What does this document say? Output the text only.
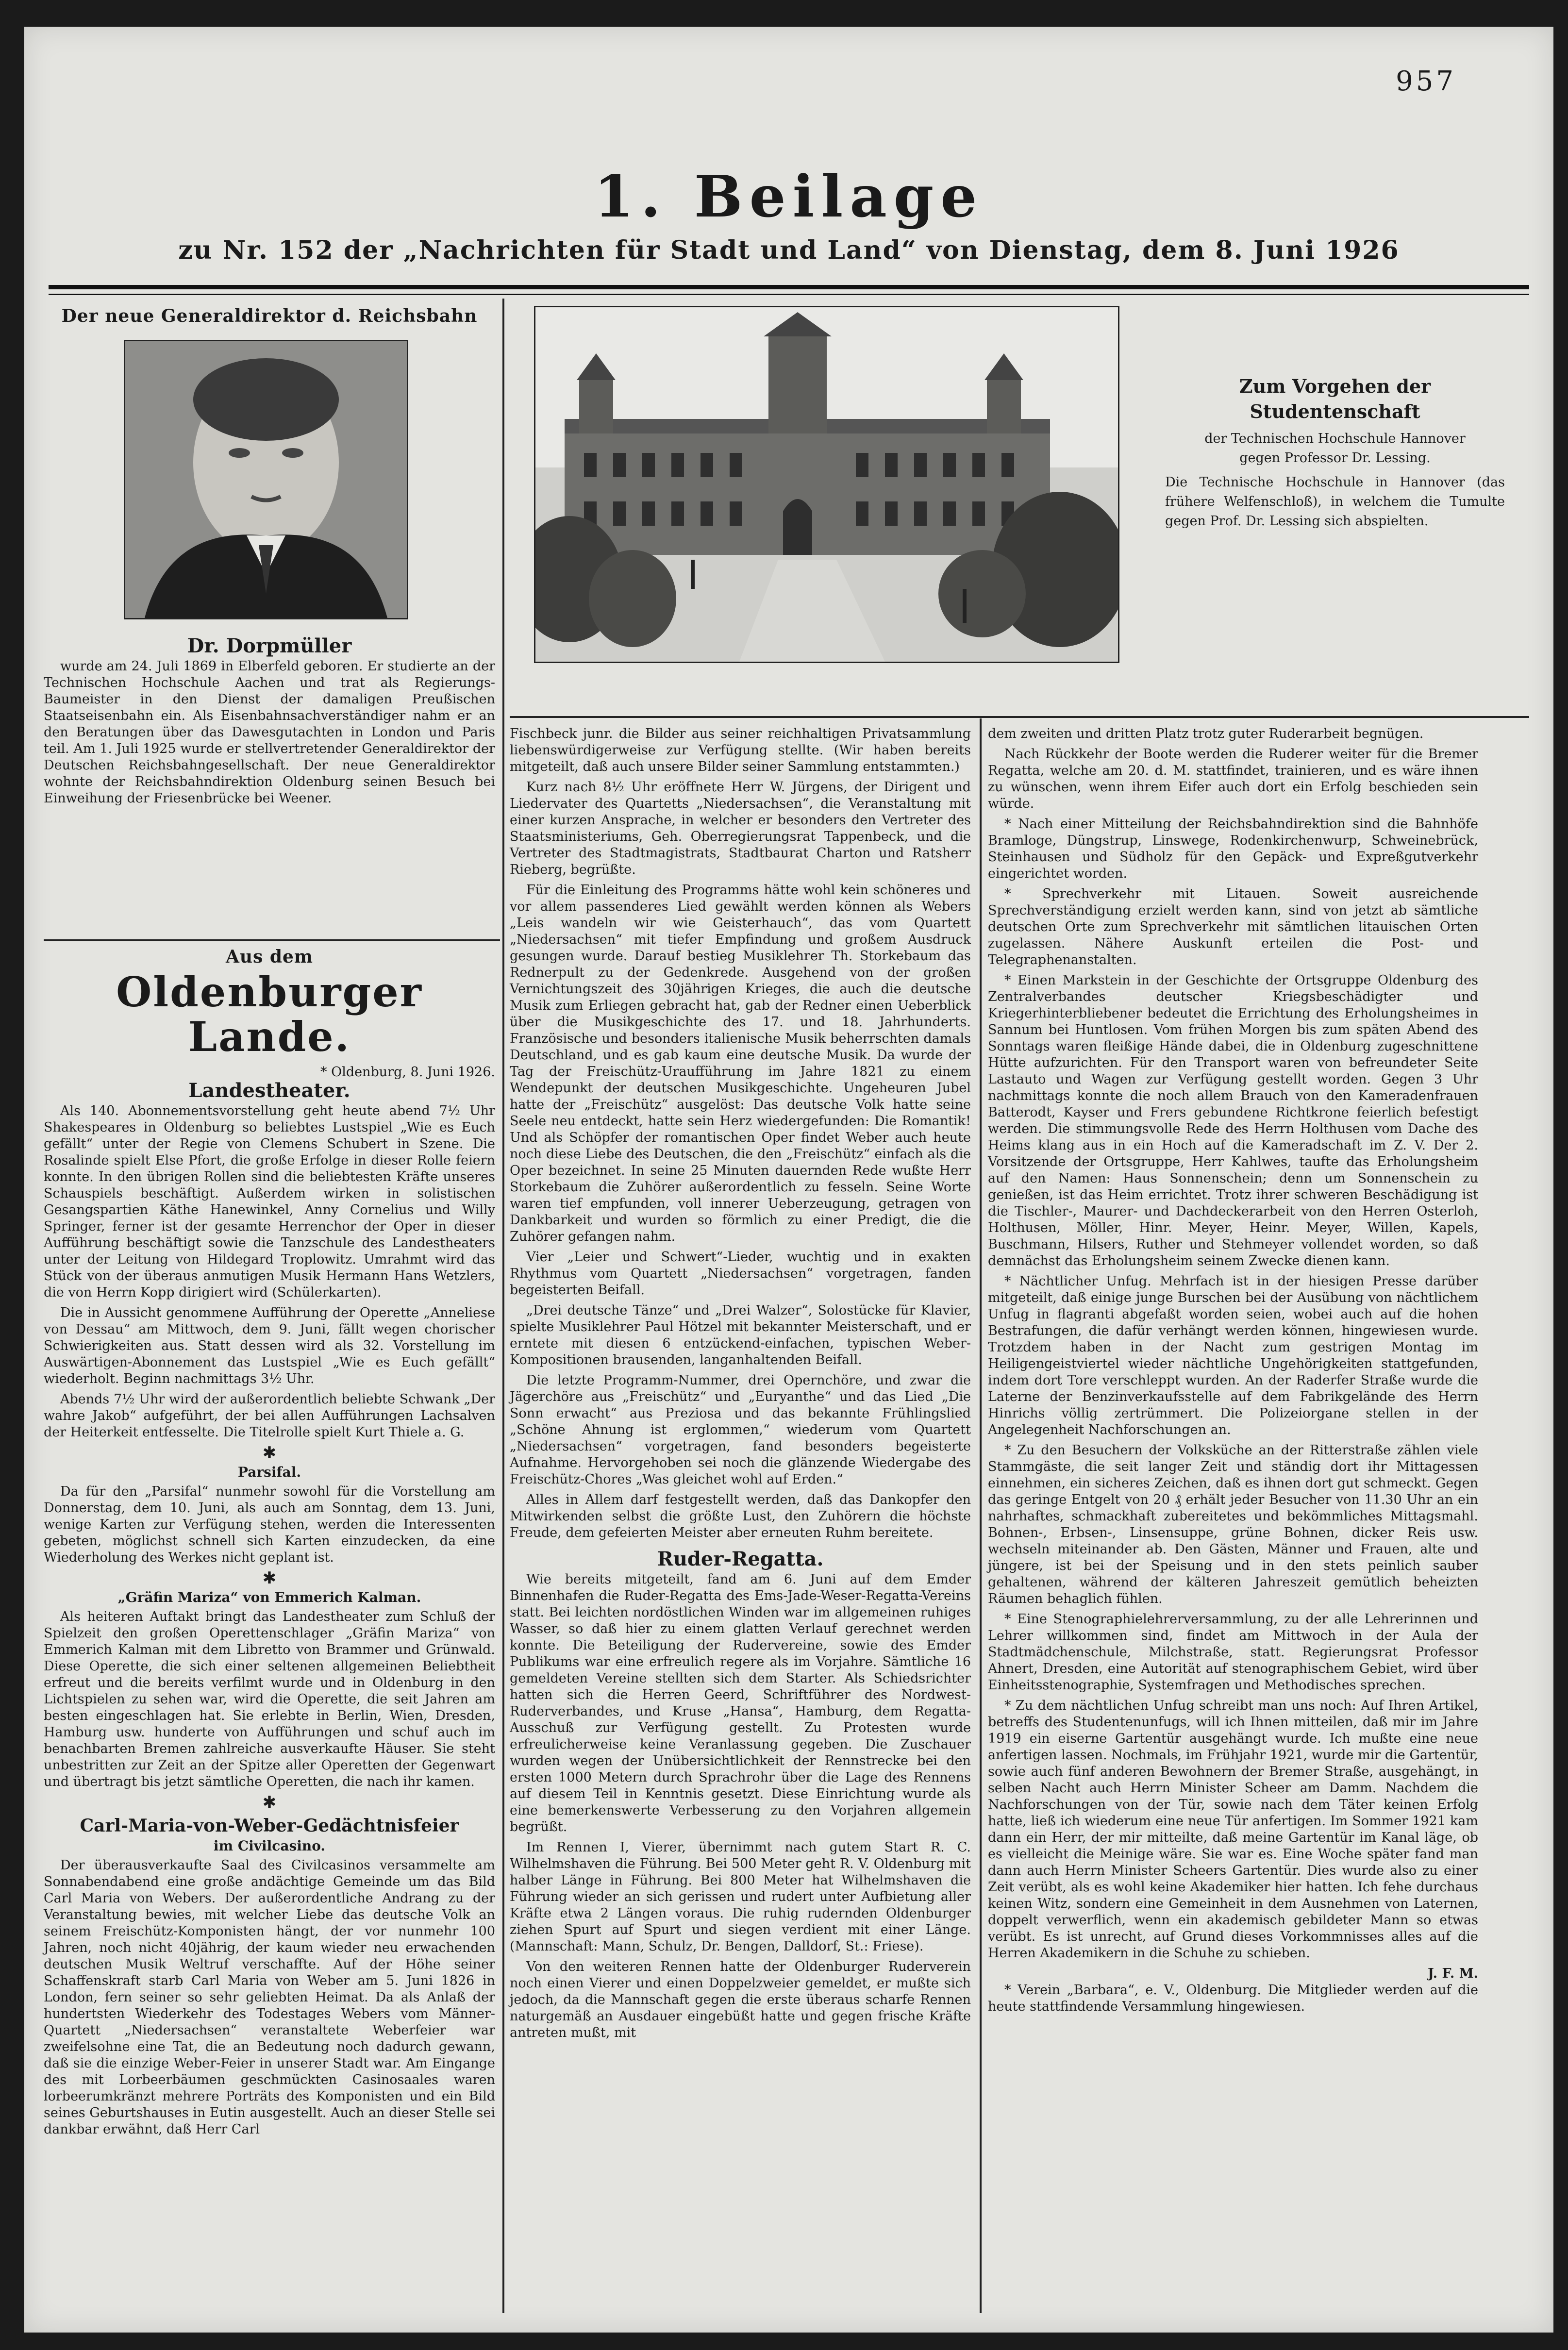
957
1. Beilage
zu Nr. 152 der „Nachrichten für Stadt und Land“ von Dienstag, dem 8. Juni 1926
Der neue Generaldirektor d. Reichsbahn
Dr. Dorpmüller

wurde am 24. Juli 1869 in Elberfeld geboren. Er studierte an der Technischen Hochschule Aachen und trat als Regierungs-Baumeister in den Dienst der damaligen Preußischen Staatseisenbahn ein. Als Eisenbahnsachverständiger nahm er an den Beratungen über das Dawesgutachten in London und Paris teil. Am 1. Juli 1925 wurde er stellvertretender Generaldirektor der Deutschen Reichsbahngesellschaft. Der neue Generaldirektor wohnte der Reichsbahndirektion Oldenburg seinen Besuch bei Einweihung der Friesenbrücke bei Weener.

Aus dem
Oldenburger Lande.
* Oldenburg, 8. Juni 1926.
Landestheater.

Als 140. Abonnementsvorstellung geht heute abend 7½ Uhr Shakespeares in Oldenburg so beliebtes Lustspiel „Wie es Euch gefällt“ unter der Regie von Clemens Schubert in Szene. Die Rosalinde spielt Else Pfort, die große Erfolge in dieser Rolle feiern konnte. In den übrigen Rollen sind die beliebtesten Kräfte unseres Schauspiels beschäftigt. Außerdem wirken in solistischen Gesangspartien Käthe Hanewinkel, Anny Cornelius und Willy Springer, ferner ist der gesamte Herrenchor der Oper in dieser Aufführung beschäftigt sowie die Tanzschule des Landestheaters unter der Leitung von Hildegard Troplowitz. Umrahmt wird das Stück von der überaus anmutigen Musik Hermann Hans Wetzlers, die von Herrn Kopp dirigiert wird (Schülerkarten).

Die in Aussicht genommene Aufführung der Operette „Anneliese von Dessau“ am Mittwoch, dem 9. Juni, fällt wegen chorischer Schwierigkeiten aus. Statt dessen wird als 32. Vorstellung im Auswärtigen-Abonnement das Lustspiel „Wie es Euch gefällt“ wiederholt. Beginn nachmittags 3½ Uhr.

Abends 7½ Uhr wird der außerordentlich beliebte Schwank „Der wahre Jakob“ aufgeführt, der bei allen Aufführungen Lachsalven der Heiterkeit entfesselte. Die Titelrolle spielt Kurt Thiele a. G.

✱
Parsifal.

Da für den „Parsifal“ nunmehr sowohl für die Vorstellung am Donnerstag, dem 10. Juni, als auch am Sonntag, dem 13. Juni, wenige Karten zur Verfügung stehen, werden die Interessenten gebeten, möglichst schnell sich Karten einzudecken, da eine Wiederholung des Werkes nicht geplant ist.

✱
„Gräfin Mariza“ von Emmerich Kalman.

Als heiteren Auftakt bringt das Landestheater zum Schluß der Spielzeit den großen Operettenschlager „Gräfin Mariza“ von Emmerich Kalman mit dem Libretto von Brammer und Grünwald. Diese Operette, die sich einer seltenen allgemeinen Beliebtheit erfreut und die bereits verfilmt wurde und in Oldenburg in den Lichtspielen zu sehen war, wird die Operette, die seit Jahren am besten eingeschlagen hat. Sie erlebte in Berlin, Wien, Dresden, Hamburg usw. hunderte von Aufführungen und schuf auch im benachbarten Bremen zahlreiche ausverkaufte Häuser. Sie steht unbestritten zur Zeit an der Spitze aller Operetten der Gegenwart und übertragt bis jetzt sämtliche Operetten, die nach ihr kamen.

✱
Carl-Maria-von-Weber-Gedächtnisfeier
im Civilcasino.

Der überausverkaufte Saal des Civilcasinos versammelte am Sonnabendabend eine große andächtige Gemeinde um das Bild Carl Maria von Webers. Der außerordentliche Andrang zu der Veranstaltung bewies, mit welcher Liebe das deutsche Volk an seinem Freischütz-Komponisten hängt, der vor nunmehr 100 Jahren, noch nicht 40jährig, der kaum wieder neu erwachenden deutschen Musik Weltruf verschaffte. Auf der Höhe seiner Schaffenskraft starb Carl Maria von Weber am 5. Juni 1826 in London, fern seiner so sehr geliebten Heimat. Da als Anlaß der hundertsten Wiederkehr des Todestages Webers vom Männer-Quartett „Niedersachsen“ veranstaltete Weberfeier war zweifelsohne eine Tat, die an Bedeutung noch dadurch gewann, daß sie die einzige Weber-Feier in unserer Stadt war. Am Eingange des mit Lorbeerbäumen geschmückten Casinosaales waren lorbeerumkränzt mehrere Porträts des Komponisten und ein Bild seines Geburtshauses in Eutin ausgestellt. Auch an dieser Stelle sei dankbar erwähnt, daß Herr Carl

Zum Vorgehen der
Studentenschaft
der Technischen Hochschule Hannover
gegen Professor Dr. Lessing.
Die Technische Hochschule in Hannover (das frühere Welfenschloß), in welchem die Tumulte gegen Prof. Dr. Lessing sich abspielten.

Fischbeck junr. die Bilder aus seiner reichhaltigen Privatsammlung liebenswürdigerweise zur Verfügung stellte. (Wir haben bereits mitgeteilt, daß auch unsere Bilder seiner Sammlung entstammten.)

Kurz nach 8½ Uhr eröffnete Herr W. Jürgens, der Dirigent und Liedervater des Quartetts „Niedersachsen“, die Veranstaltung mit einer kurzen Ansprache, in welcher er besonders den Vertreter des Staatsministeriums, Geh. Oberregierungsrat Tappenbeck, und die Vertreter des Stadtmagistrats, Stadtbaurat Charton und Ratsherr Rieberg, begrüßte.

Für die Einleitung des Programms hätte wohl kein schöneres und vor allem passenderes Lied gewählt werden können als Webers „Leis wandeln wir wie Geisterhauch“, das vom Quartett „Niedersachsen“ mit tiefer Empfindung und großem Ausdruck gesungen wurde. Darauf bestieg Musiklehrer Th. Storkebaum das Rednerpult zu der Gedenkrede. Ausgehend von der großen Vernichtungszeit des 30jährigen Krieges, die auch die deutsche Musik zum Erliegen gebracht hat, gab der Redner einen Ueberblick über die Musikgeschichte des 17. und 18. Jahrhunderts. Französische und besonders italienische Musik beherrschten damals Deutschland, und es gab kaum eine deutsche Musik. Da wurde der Tag der Freischütz-Uraufführung im Jahre 1821 zu einem Wendepunkt der deutschen Musikgeschichte. Ungeheuren Jubel hatte der „Freischütz“ ausgelöst: Das deutsche Volk hatte seine Seele neu entdeckt, hatte sein Herz wiedergefunden: Die Romantik! Und als Schöpfer der romantischen Oper findet Weber auch heute noch diese Liebe des Deutschen, die den „Freischütz“ einfach als die Oper bezeichnet. In seine 25 Minuten dauernden Rede wußte Herr Storkebaum die Zuhörer außerordentlich zu fesseln. Seine Worte waren tief empfunden, voll innerer Ueberzeugung, getragen von Dankbarkeit und wurden so förmlich zu einer Predigt, die die Zuhörer gefangen nahm.

Vier „Leier und Schwert“-Lieder, wuchtig und in exakten Rhythmus vom Quartett „Niedersachsen“ vorgetragen, fanden begeisterten Beifall.

„Drei deutsche Tänze“ und „Drei Walzer“, Solostücke für Klavier, spielte Musiklehrer Paul Hötzel mit bekannter Meisterschaft, und er erntete mit diesen 6 entzückend-einfachen, typischen Weber-Kompositionen brausenden, langanhaltenden Beifall.

Die letzte Programm-Nummer, drei Opernchöre, und zwar die Jägerchöre aus „Freischütz“ und „Euryanthe“ und das Lied „Die Sonn erwacht“ aus Preziosa und das bekannte Frühlingslied „Schöne Ahnung ist erglommen,“ wiederum vom Quartett „Niedersachsen“ vorgetragen, fand besonders begeisterte Aufnahme. Hervorgehoben sei noch die glänzende Wiedergabe des Freischütz-Chores „Was gleichet wohl auf Erden.“

Alles in Allem darf festgestellt werden, daß das Dankopfer den Mitwirkenden selbst die größte Lust, den Zuhörern die höchste Freude, dem gefeierten Meister aber erneuten Ruhm bereitete.

Ruder-Regatta.

Wie bereits mitgeteilt, fand am 6. Juni auf dem Emder Binnenhafen die Ruder-Regatta des Ems-Jade-Weser-Regatta-Vereins statt. Bei leichten nordöstlichen Winden war im allgemeinen ruhiges Wasser, so daß hier zu einem glatten Verlauf gerechnet werden konnte. Die Beteiligung der Rudervereine, sowie des Emder Publikums war eine erfreulich regere als im Vorjahre. Sämtliche 16 gemeldeten Vereine stellten sich dem Starter. Als Schiedsrichter hatten sich die Herren Geerd, Schriftführer des Nordwest-Ruderverbandes, und Kruse „Hansa“, Hamburg, dem Regatta-Ausschuß zur Verfügung gestellt. Zu Protesten wurde erfreulicherweise keine Veranlassung gegeben. Die Zuschauer wurden wegen der Unübersichtlichkeit der Rennstrecke bei den ersten 1000 Metern durch Sprachrohr über die Lage des Rennens auf diesem Teil in Kenntnis gesetzt. Diese Einrichtung wurde als eine bemerkenswerte Verbesserung zu den Vorjahren allgemein begrüßt.

Im Rennen I, Vierer, übernimmt nach gutem Start R. C. Wilhelmshaven die Führung. Bei 500 Meter geht R. V. Oldenburg mit halber Länge in Führung. Bei 800 Meter hat Wilhelmshaven die Führung wieder an sich gerissen und rudert unter Aufbietung aller Kräfte etwa 2 Längen voraus. Die ruhig rudernden Oldenburger ziehen Spurt auf Spurt und siegen verdient mit einer Länge. (Mannschaft: Mann, Schulz, Dr. Bengen, Dalldorf, St.: Friese).

Von den weiteren Rennen hatte der Oldenburger Ruderverein noch einen Vierer und einen Doppelzweier gemeldet, er mußte sich jedoch, da die Mannschaft gegen die erste überaus scharfe Rennen naturgemäß an Ausdauer eingebüßt hatte und gegen frische Kräfte antreten mußt, mit

dem zweiten und dritten Platz trotz guter Ruderarbeit begnügen.

Nach Rückkehr der Boote werden die Ruderer weiter für die Bremer Regatta, welche am 20. d. M. stattfindet, trainieren, und es wäre ihnen zu wünschen, wenn ihrem Eifer auch dort ein Erfolg beschieden sein würde.

* Nach einer Mitteilung der Reichsbahndirektion sind die Bahnhöfe Bramloge, Düngstrup, Linswege, Rodenkirchenwurp, Schweinebrück, Steinhausen und Südholz für den Gepäck- und Expreßgutverkehr eingerichtet worden.

* Sprechverkehr mit Litauen. Soweit ausreichende Sprechverständigung erzielt werden kann, sind von jetzt ab sämtliche deutschen Orte zum Sprechverkehr mit sämtlichen litauischen Orten zugelassen. Nähere Auskunft erteilen die Post- und Telegraphenanstalten.

* Einen Markstein in der Geschichte der Ortsgruppe Oldenburg des Zentralverbandes deutscher Kriegsbeschädigter und Kriegerhinterbliebener bedeutet die Errichtung des Erholungsheimes in Sannum bei Huntlosen. Vom frühen Morgen bis zum späten Abend des Sonntags waren fleißige Hände dabei, die in Oldenburg zugeschnittene Hütte aufzurichten. Für den Transport waren von befreundeter Seite Lastauto und Wagen zur Verfügung gestellt worden. Gegen 3 Uhr nachmittags konnte die noch allem Brauch von den Kameradenfrauen Batterodt, Kayser und Frers gebundene Richtkrone feierlich befestigt werden. Die stimmungsvolle Rede des Herrn Holthusen vom Dache des Heims klang aus in ein Hoch auf die Kameradschaft im Z. V. Der 2. Vorsitzende der Ortsgruppe, Herr Kahlwes, taufte das Erholungsheim auf den Namen: Haus Sonnenschein; denn um Sonnenschein zu genießen, ist das Heim errichtet. Trotz ihrer schweren Beschädigung ist die Tischler-, Maurer- und Dachdeckerarbeit von den Herren Osterloh, Holthusen, Möller, Hinr. Meyer, Heinr. Meyer, Willen, Kapels, Buschmann, Hilsers, Ruther und Stehmeyer vollendet worden, so daß demnächst das Erholungsheim seinem Zwecke dienen kann.

* Nächtlicher Unfug. Mehrfach ist in der hiesigen Presse darüber mitgeteilt, daß einige junge Burschen bei der Ausübung von nächtlichem Unfug in flagranti abgefaßt worden seien, wobei auch auf die hohen Bestrafungen, die dafür verhängt werden können, hingewiesen wurde. Trotzdem haben in der Nacht zum gestrigen Montag im Heiligengeistviertel wieder nächtliche Ungehörigkeiten stattgefunden, indem dort Tore verschleppt wurden. An der Raderfer Straße wurde die Laterne der Benzinverkaufsstelle auf dem Fabrikgelände des Herrn Hinrichs völlig zertrümmert. Die Polizeiorgane stellen in der Angelegenheit Nachforschungen an.

* Zu den Besuchern der Volksküche an der Ritterstraße zählen viele Stammgäste, die seit langer Zeit und ständig dort ihr Mittagessen einnehmen, ein sicheres Zeichen, daß es ihnen dort gut schmeckt. Gegen das geringe Entgelt von 20 ₰ erhält jeder Besucher von 11.30 Uhr an ein nahrhaftes, schmackhaft zubereitetes und bekömmliches Mittagsmahl. Bohnen-, Erbsen-, Linsensuppe, grüne Bohnen, dicker Reis usw. wechseln miteinander ab. Den Gästen, Männer und Frauen, alte und jüngere, ist bei der Speisung und in den stets peinlich sauber gehaltenen, während der kälteren Jahreszeit gemütlich beheizten Räumen behaglich fühlen.

* Eine Stenographielehrerversammlung, zu der alle Lehrerinnen und Lehrer willkommen sind, findet am Mittwoch in der Aula der Stadtmädchenschule, Milchstraße, statt. Regierungsrat Professor Ahnert, Dresden, eine Autorität auf stenographischem Gebiet, wird über Einheitsstenographie, Systemfragen und Methodisches sprechen.

* Zu dem nächtlichen Unfug schreibt man uns noch: Auf Ihren Artikel, betreffs des Studentenunfugs, will ich Ihnen mitteilen, daß mir im Jahre 1919 ein eiserne Gartentür ausgehängt wurde. Ich mußte eine neue anfertigen lassen. Nochmals, im Frühjahr 1921, wurde mir die Gartentür, sowie auch fünf anderen Bewohnern der Bremer Straße, ausgehängt, in selben Nacht auch Herrn Minister Scheer am Damm. Nachdem die Nachforschungen von der Tür, sowie nach dem Täter keinen Erfolg hatte, ließ ich wiederum eine neue Tür anfertigen. Im Sommer 1921 kam dann ein Herr, der mir mitteilte, daß meine Gartentür im Kanal läge, ob es vielleicht die Meinige wäre. Sie war es. Eine Woche später fand man dann auch Herrn Minister Scheers Gartentür. Dies wurde also zu einer Zeit verübt, als es wohl keine Akademiker hier hatten. Ich fehe durchaus keinen Witz, sondern eine Gemeinheit in dem Ausnehmen von Laternen, doppelt verwerflich, wenn ein akademisch gebildeter Mann so etwas verübt. Es ist unrecht, auf Grund dieses Vorkommnisses alles auf die Herren Akademikern in die Schuhe zu schieben.

J. F. M.

* Verein „Barbara“, e. V., Oldenburg. Die Mitglieder werden auf die heute stattfindende Versammlung hingewiesen.
